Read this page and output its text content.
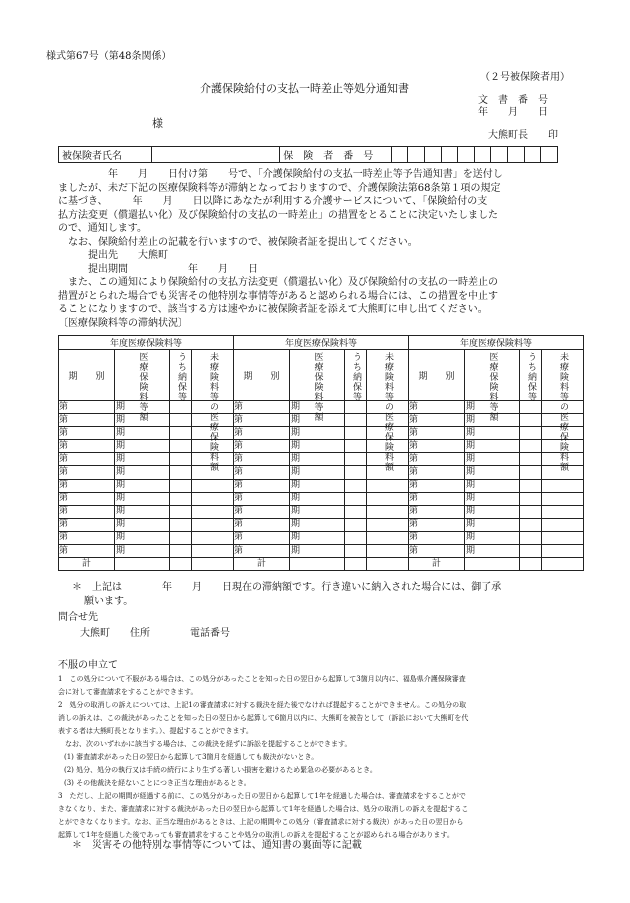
様式第67号（第48条関係）
（２号被保険者用）
介護保険給付の支払一時差止等処分通知書
文　書　番　号
年　　月　　日
様
大熊町長　　印
被保険者氏名		保　険　者　番　号										
　　　　　年　　月　　日付け第　　号で、「介護保険給付の支払一時差止等予告通知書」を送付し
ましたが、未だ下記の医療保険料等が滞納となっておりますので、介護保険法第68条第１項の規定
に基づき、　　　年　　月　　日以降にあなたが利用する介護サービスについて、「保険給付の支
払方法変更（償還払い化）及び保険給付の支払の一時差止」の措置をとることに決定いたしました
ので、通知します。
　なお、保険給付差止の記載を行いますので、被保険者証を提出してください。
　　　提出先　　大熊町
　　　提出期間　　　　　　年　　月　　日
　また、この通知により保険給付の支払方法変更（償還払い化）及び保険給付の支払の一時差止の
措置がとられた場合でも災害その他特別な事情等があると認められる場合には、この措置を中止す
ることになりますので、該当する方は速やかに被保険者証を添えて大熊町に申し出てください。
〔医療保険料等の滞納状況〕
年度医療保険料等				年度医療保険料等				年度医療保険料等			
期　　別	医療保険料等額	うち納保等	未療険料等の医療保険料額	期　　別	医療保険料等額	うち納保等	未療険料等の医療保険料額	期　　別	医療保険料等額	うち納保等	未療険料等の医療保険料額

第　　期				第　　期				第　　期			
第　　期				第　　期				第　　期			
第　　期				第　　期				第　　期			
第　　期				第　　期				第　　期			
第　　期				第　　期				第　　期			
第　　期				第　　期				第　　期			
第　　期				第　　期				第　　期			
第　　期				第　　期				第　　期			
第　　期				第　　期				第　　期			
第　　期				第　　期				第　　期			
第　　期				第　　期				第　　期			
第　　期				第　　期				第　　期			
計				計				計			
＊　上記は　　　　年　　月　　日現在の滞納額です。行き違いに納入された場合には、御了承
願います。
問合せ先
大熊町　　住所　　　　電話番号
不服の申立て
1　この処分について不服がある場合は、この処分があったことを知った日の翌日から起算して3箇月以内に、福島県介護保険審査
会に対して審査請求をすることができます。
2　処分の取消しの訴えについては、上記1の審査請求に対する裁決を経た後でなければ提起することができません。この処分の取
消しの訴えは、この裁決があったことを知った日の翌日から起算して6箇月以内に、大熊町を被告として（訴訟において大熊町を代
表する者は大熊町長となります。）、提起することができます。
　なお、次のいずれかに該当する場合は、この裁決を経ずに訴訟を提起することができます。
(1) 審査請求があった日の翌日から起算して3箇月を経過しても裁決がないとき。
(2) 処分、処分の執行又は手続の続行により生ずる著しい損害を避けるため緊急の必要があるとき。
(3) その他裁決を経ないことにつき正当な理由があるとき。
3　ただし、上記の期間が経過する前に、この処分があった日の翌日から起算して1年を経過した場合は、審査請求をすることがで
きなくなり、また、審査請求に対する裁決があった日の翌日から起算して1年を経過した場合は、処分の取消しの訴えを提起するこ
とができなくなります。なお、正当な理由があるときは、上記の期間やこの処分（審査請求に対する裁決）があった日の翌日から
起算して1年を経過した後であっても審査請求をすることや処分の取消しの訴えを提起することが認められる場合があります。
＊　災害その他特別な事情等については、通知書の裏面等に記載
